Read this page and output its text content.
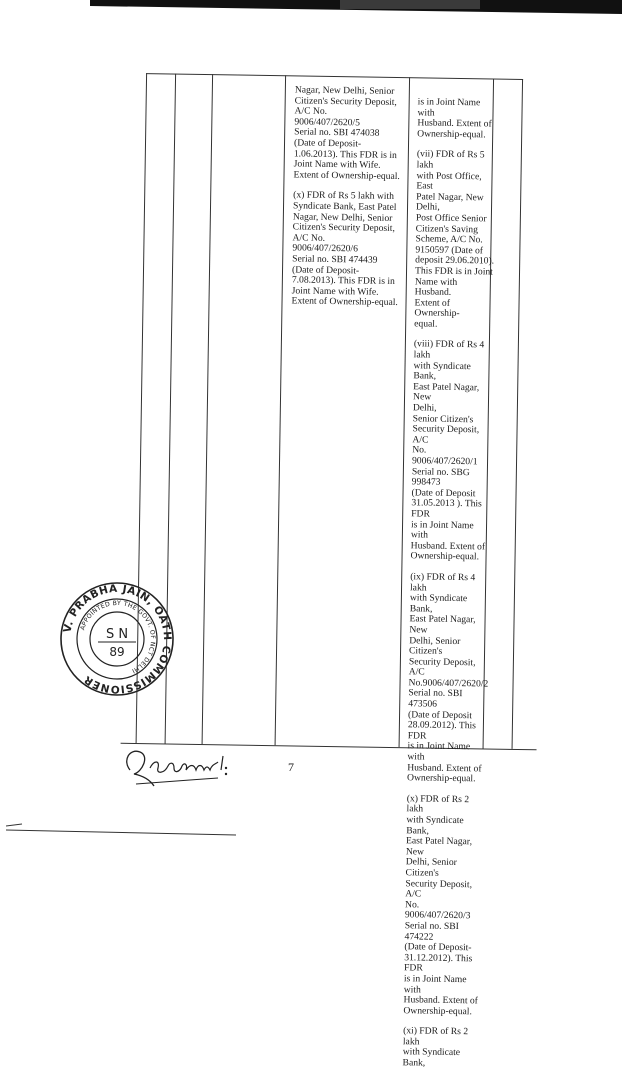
Nagar, New Delhi, Senior
Citizen's Security Deposit,
A/C No.
9006/407/2620/5
Serial no. SBI 474038
(Date of Deposit-
1.06.2013). This FDR is in
Joint Name with Wife.
Extent of Ownership-equal.

(x) FDR of Rs 5 lakh with
Syndicate Bank, East Patel
Nagar, New Delhi, Senior
Citizen's Security Deposit,
A/C No.
9006/407/2620/6
Serial no. SBI 474439
(Date of Deposit-
7.08.2013). This FDR is in
Joint Name with Wife.
Extent of Ownership-equal.

is in Joint Name with
Husband. Extent of
Ownership-equal.

(vii) FDR of Rs 5 lakh
with Post Office, East
Patel Nagar, New Delhi,
Post Office Senior
Citizen's Saving
Scheme, A/C No.
9150597 (Date of
deposit 29.06.2010).
This FDR is in Joint
Name with Husband.
Extent of Ownership-
equal.

(viii) FDR of Rs 4 lakh
with Syndicate Bank,
East Patel Nagar, New
Delhi,
Senior Citizen's
Security Deposit, A/C
No. 9006/407/2620/1
Serial no. SBG 998473
(Date of Deposit
31.05.2013 ). This FDR
is in Joint Name with
Husband. Extent of
Ownership-equal.

(ix) FDR of Rs 4 lakh
with Syndicate Bank,
East Patel Nagar, New
Delhi, Senior Citizen's
Security Deposit, A/C
No.9006/407/2620/2
Serial no. SBI 473506
(Date of Deposit
28.09.2012). This FDR
is in Joint Name with
Husband. Extent of
Ownership-equal.

(x) FDR of Rs 2 lakh
with Syndicate Bank,
East Patel Nagar, New
Delhi, Senior Citizen's
Security Deposit, A/C
No. 9006/407/2620/3
Serial no. SBI 474222
(Date of Deposit-
31.12.2012). This FDR
is in Joint Name with
Husband. Extent of
Ownership-equal.

(xi) FDR of Rs 2 lakh
with Syndicate Bank,

V. PRABHA JAIN, OATH COMMISSIONER
APPOINTED BY THE GOVT. OF NCT DELHI
S N
89
7
